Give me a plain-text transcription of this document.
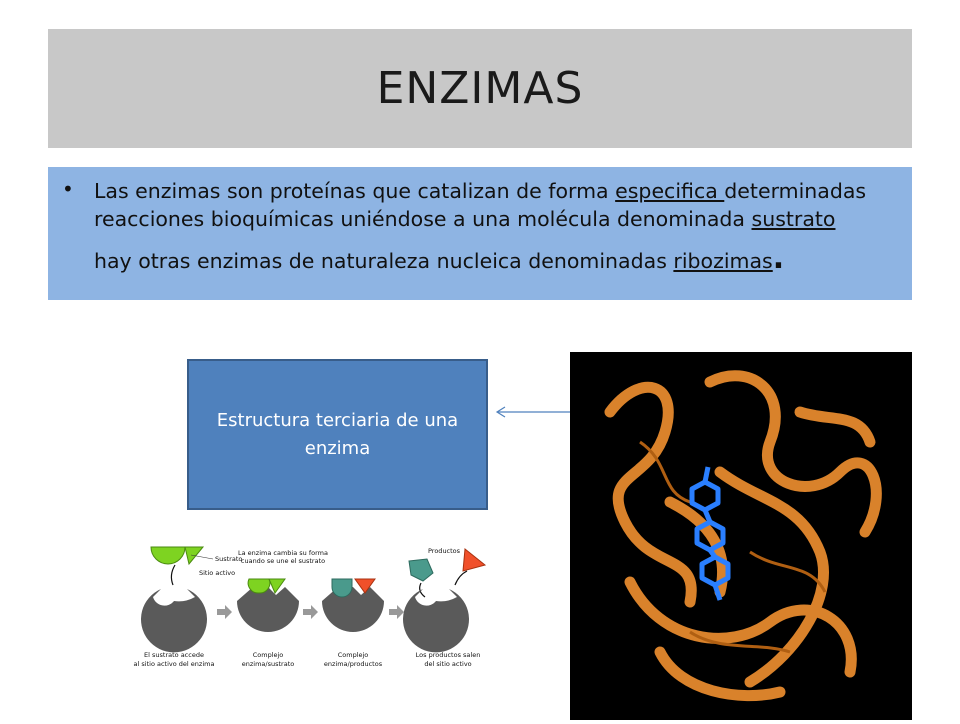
ENZIMAS
• Las enzimas son proteínas que catalizan de forma especifica determinadas reacciones bioquímicas uniéndose a una molécula denominada sustrato
hay otras enzimas de naturaleza nucleica denominadas ribozimas.
Estructura terciaria de una enzima
Sustrato
Sitio activo
El sustrato accede
al sitio activo del enzima
La enzima cambia su forma
cuando se une el sustrato
Complejo
enzima/sustrato
Complejo
enzima/productos
Productos
Los productos salen
del sitio activo
